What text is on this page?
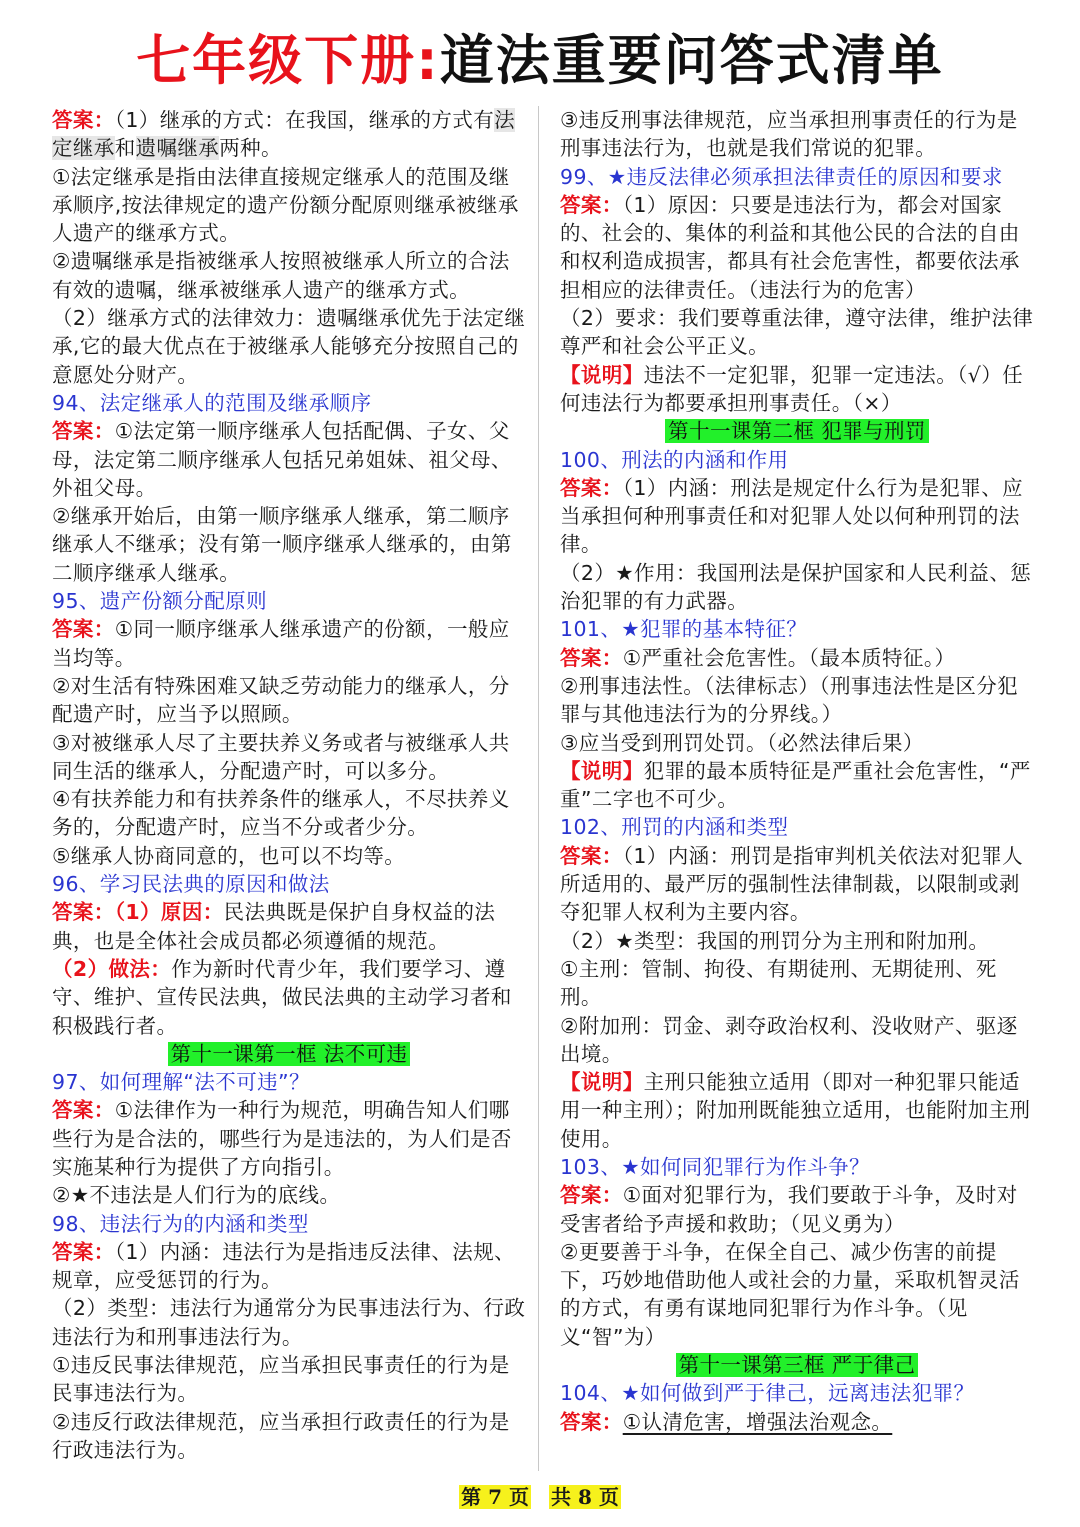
七年级下册:道法重要问答式清单

答案：（1）继承的方式：在我国，继承的方式有法定继承和遗嘱继承两种。

①法定继承是指由法律直接规定继承人的范围及继承顺序,按法律规定的遗产份额分配原则继承被继承人遗产的继承方式。

②遗嘱继承是指被继承人按照被继承人所立的合法有效的遗嘱，继承被继承人遗产的继承方式。

（2）继承方式的法律效力：遗嘱继承优先于法定继承,它的最大优点在于被继承人能够充分按照自己的意愿处分财产。

94、法定继承人的范围及继承顺序

答案：①法定第一顺序继承人包括配偶、子女、父母，法定第二顺序继承人包括兄弟姐妹、祖父母、外祖父母。

②继承开始后，由第一顺序继承人继承，第二顺序继承人不继承；没有第一顺序继承人继承的，由第二顺序继承人继承。

95、遗产份额分配原则

答案：①同一顺序继承人继承遗产的份额，一般应当均等。

②对生活有特殊困难又缺乏劳动能力的继承人，分配遗产时，应当予以照顾。

③对被继承人尽了主要扶养义务或者与被继承人共同生活的继承人，分配遗产时，可以多分。

④有扶养能力和有扶养条件的继承人，不尽扶养义务的，分配遗产时，应当不分或者少分。

⑤继承人协商同意的，也可以不均等。

96、学习民法典的原因和做法

答案：（1）原因：民法典既是保护自身权益的法典，也是全体社会成员都必须遵循的规范。

（2）做法：作为新时代青少年，我们要学习、遵守、维护、宣传民法典，做民法典的主动学习者和积极践行者。

第十一课第一框 法不可违

97、如何理解“法不可违”？

答案：①法律作为一种行为规范，明确告知人们哪些行为是合法的，哪些行为是违法的，为人们是否实施某种行为提供了方向指引。

②★不违法是人们行为的底线。

98、违法行为的内涵和类型

答案：（1）内涵：违法行为是指违反法律、法规、规章，应受惩罚的行为。

（2）类型：违法行为通常分为民事违法行为、行政违法行为和刑事违法行为。

①违反民事法律规范，应当承担民事责任的行为是民事违法行为。

②违反行政法律规范，应当承担行政责任的行为是行政违法行为。

③违反刑事法律规范，应当承担刑事责任的行为是刑事违法行为，也就是我们常说的犯罪。

99、★违反法律必须承担法律责任的原因和要求

答案：（1）原因：只要是违法行为，都会对国家的、社会的、集体的利益和其他公民的合法的自由和权利造成损害，都具有社会危害性，都要依法承担相应的法律责任。（违法行为的危害）

（2）要求：我们要尊重法律，遵守法律，维护法律尊严和社会公平正义。

【说明】违法不一定犯罪，犯罪一定违法。（√）任何违法行为都要承担刑事责任。（×）

第十一课第二框 犯罪与刑罚

100、刑法的内涵和作用

答案：（1）内涵：刑法是规定什么行为是犯罪、应当承担何种刑事责任和对犯罪人处以何种刑罚的法律。

（2）★作用：我国刑法是保护国家和人民利益、惩治犯罪的有力武器。

101、★犯罪的基本特征？

答案：①严重社会危害性。（最本质特征。）

②刑事违法性。（法律标志）（刑事违法性是区分犯罪与其他违法行为的分界线。）

③应当受到刑罚处罚。（必然法律后果）

【说明】犯罪的最本质特征是严重社会危害性，“严重”二字也不可少。

102、刑罚的内涵和类型

答案：（1）内涵：刑罚是指审判机关依法对犯罪人所适用的、最严厉的强制性法律制裁，以限制或剥夺犯罪人权利为主要内容。

（2）★类型：我国的刑罚分为主刑和附加刑。

①主刑：管制、拘役、有期徒刑、无期徒刑、死刑。

②附加刑：罚金、剥夺政治权利、没收财产、驱逐出境。

【说明】主刑只能独立适用（即对一种犯罪只能适用一种主刑）；附加刑既能独立适用，也能附加主刑使用。

103、★如何同犯罪行为作斗争？

答案：①面对犯罪行为，我们要敢于斗争，及时对受害者给予声援和救助；（见义勇为）

②更要善于斗争，在保全自己、减少伤害的前提下，巧妙地借助他人或社会的力量，采取机智灵活的方式，有勇有谋地同犯罪行为作斗争。（见义“智”为）

第十一课第三框 严于律己

104、★如何做到严于律己，远离违法犯罪？

答案：①认清危害，增强法治观念。

第 7 页 共 8 页
